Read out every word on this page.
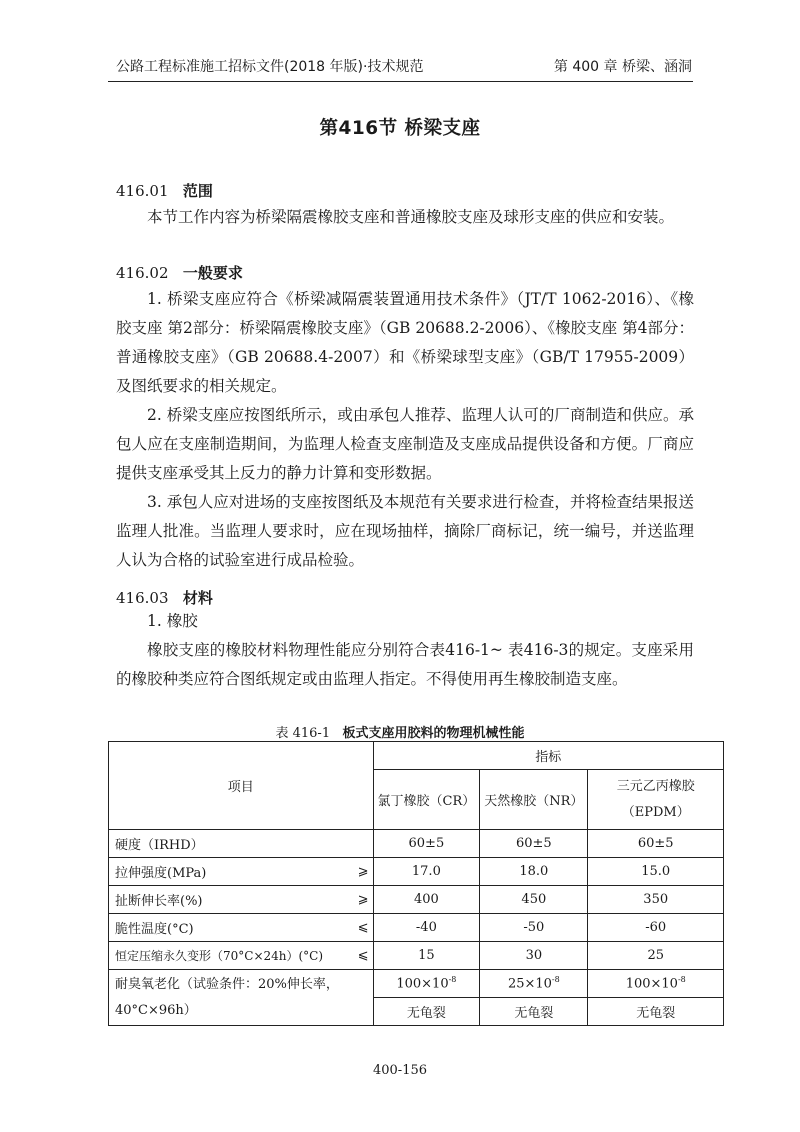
公路工程标准施工招标文件(2018 年版)·技术规范	第 400 章 桥梁、涵洞
第416节 桥梁支座
416.01 范围

本节工作内容为桥梁隔震橡胶支座和普通橡胶支座及球形支座的供应和安装。

416.02 一般要求

1. 桥梁支座应符合《桥梁减隔震装置通用技术条件》（JT/T 1062-2016）、《橡胶支座 第2部分：桥梁隔震橡胶支座》（GB 20688.2-2006）、《橡胶支座 第4部分：普通橡胶支座》（GB 20688.4-2007）和《桥梁球型支座》（GB/T 17955-2009）及图纸要求的相关规定。

2. 桥梁支座应按图纸所示，或由承包人推荐、监理人认可的厂商制造和供应。承包人应在支座制造期间，为监理人检查支座制造及支座成品提供设备和方便。厂商应提供支座承受其上反力的静力计算和变形数据。

3. 承包人应对进场的支座按图纸及本规范有关要求进行检查，并将检查结果报送监理人批准。当监理人要求时，应在现场抽样，摘除厂商标记，统一编号，并送监理人认为合格的试验室进行成品检验。

416.03 材料

1. 橡胶

橡胶支座的橡胶材料物理性能应分别符合表416-1~ 表416-3的规定。支座采用的橡胶种类应符合图纸规定或由监理人指定。不得使用再生橡胶制造支座。

表 416-1 板式支座用胶料的物理机械性能
项目	指标		
	氯丁橡胶（CR）	天然橡胶（NR）	三元乙丙橡胶
（EPDM）

硬度（IRHD）	60±5	60±5	60±5

拉伸强度(MPa) ⩾	17.0	18.0	15.0

扯断伸长率(%) ⩾	400	450	350

脆性温度(°C) ⩽	-40	-50	-60

恒定压缩永久变形（70°C×24h）(°C) ⩽	15	30	25

耐臭氧老化（试验条件：20%伸长率，
40°C×96h）	$100\times 10^{-8}$	$25\times 10^{-8}$	$100\times 10^{-8}$
	无龟裂	无龟裂	无龟裂
400-156
